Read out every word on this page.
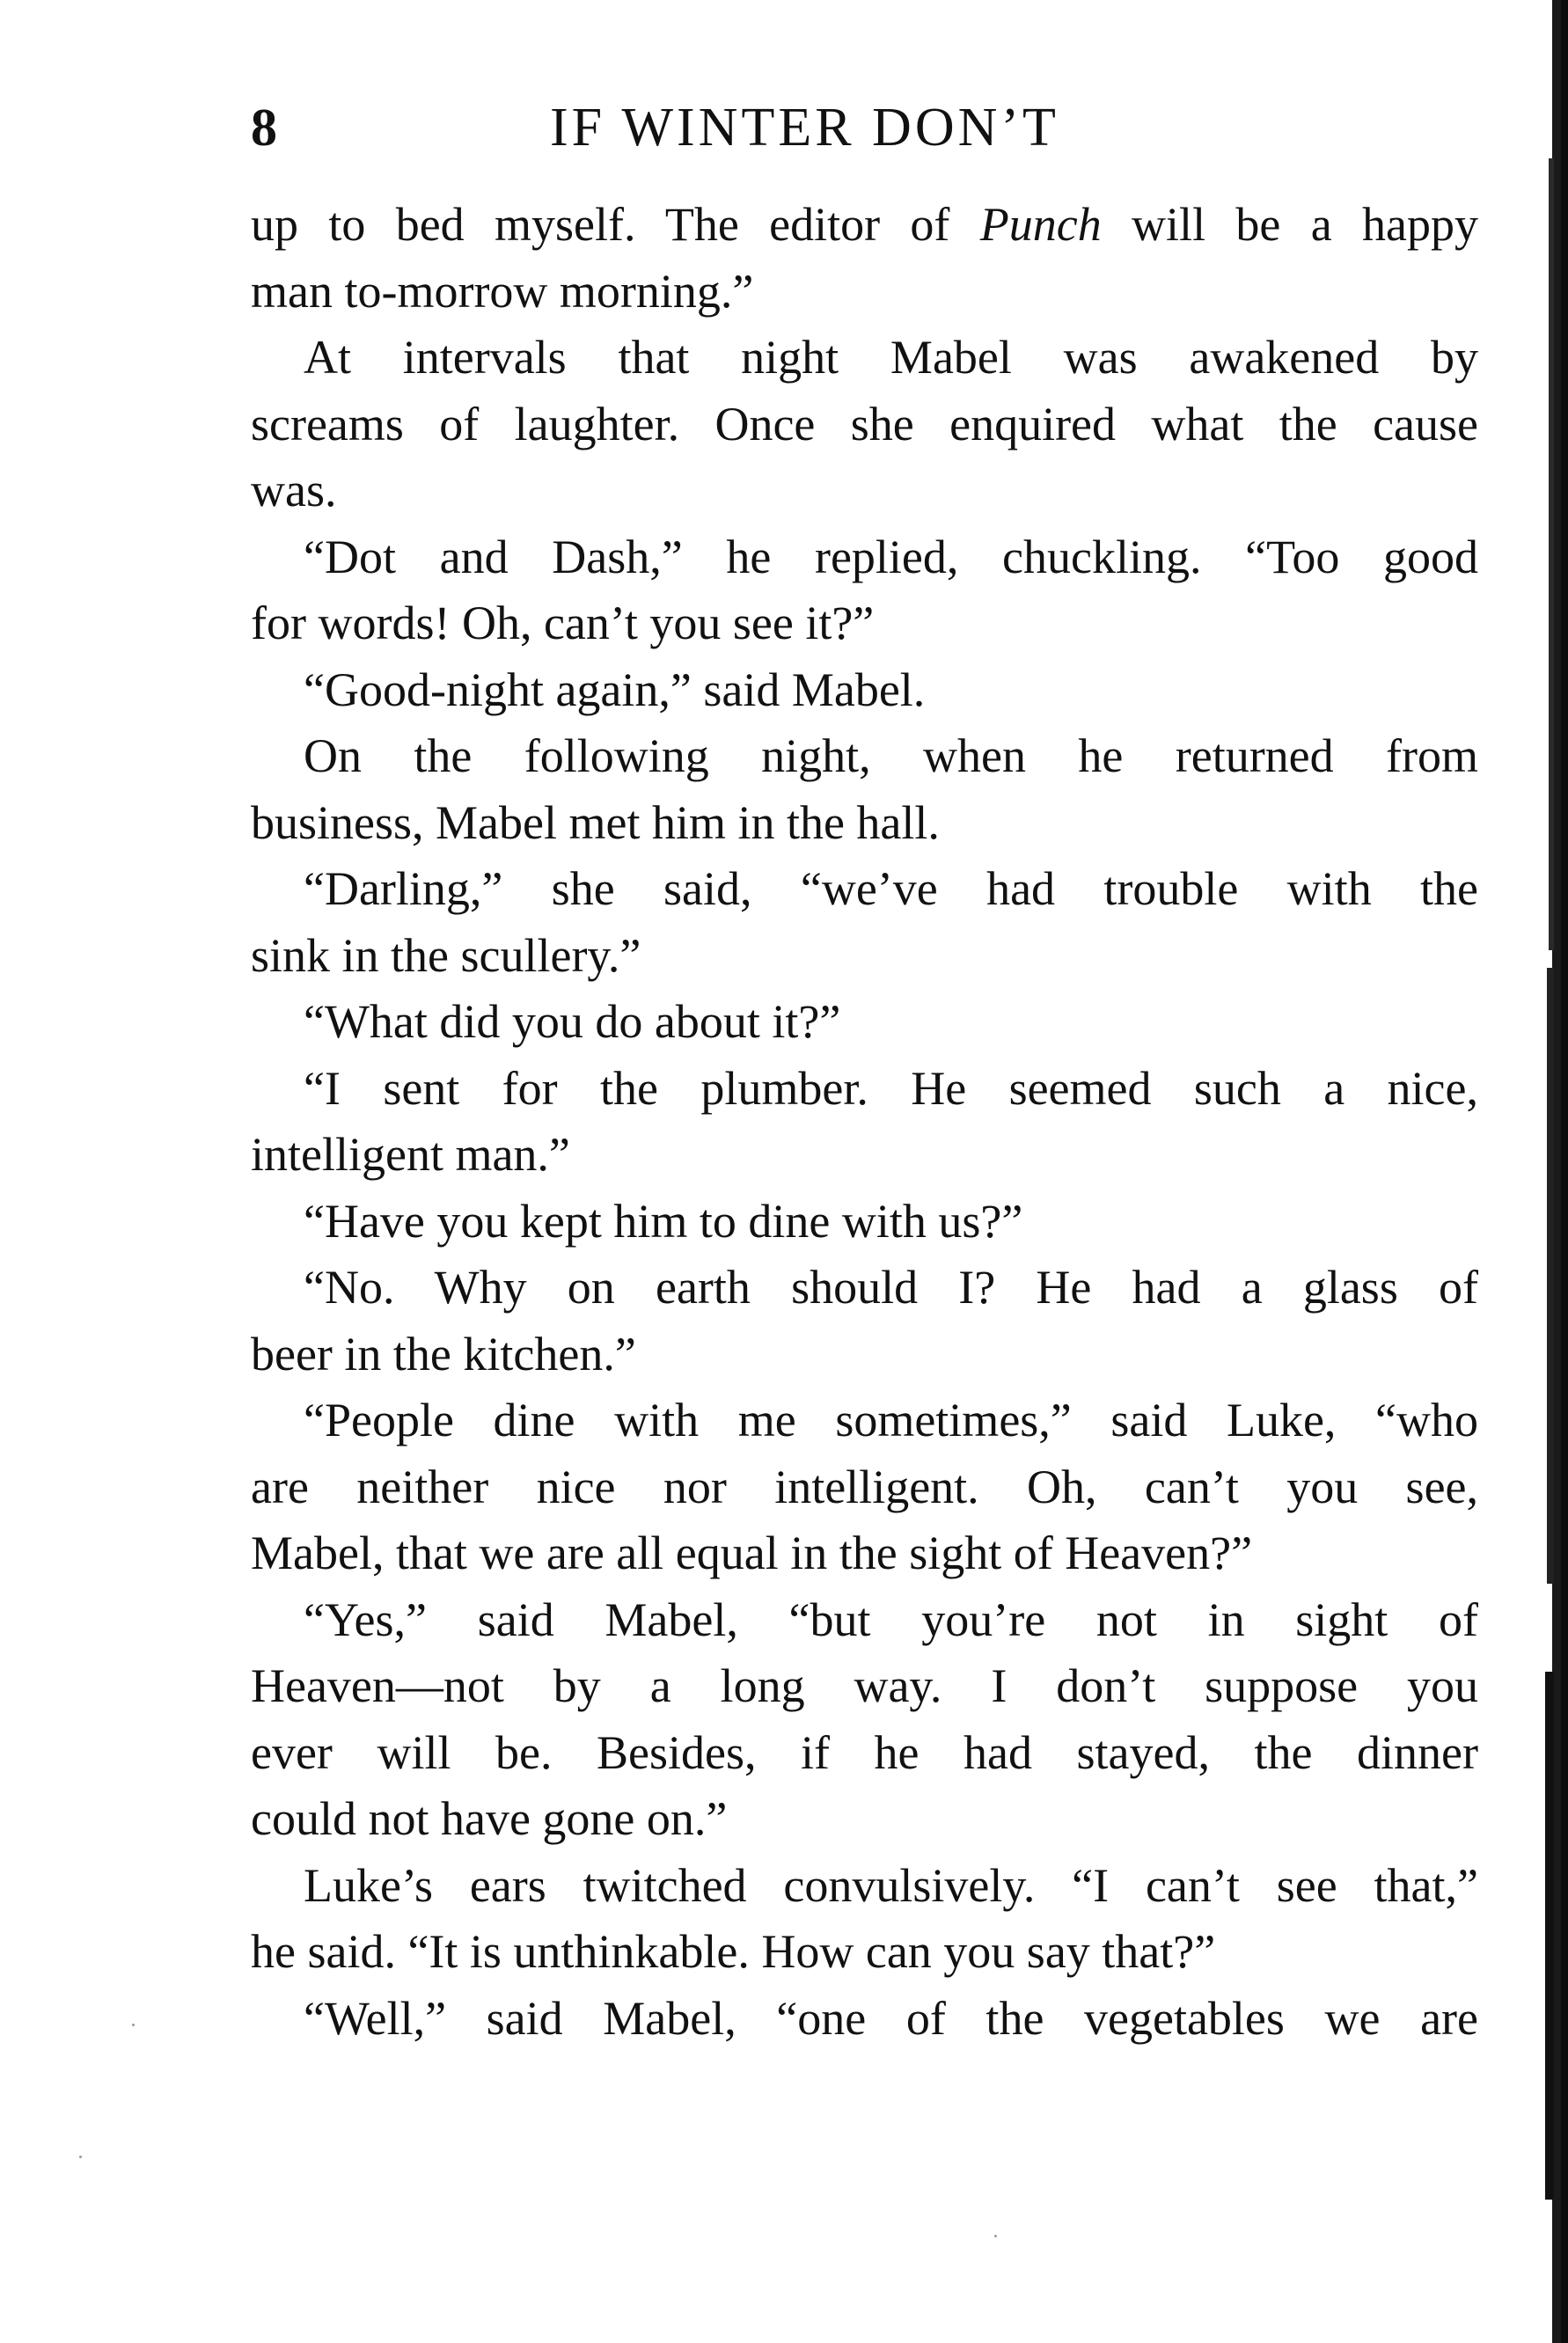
8	IF WINTER DON’T
up to bed myself. The editor of Punch will be a happy
man to-morrow morning.”
At intervals that night Mabel was awakened by
screams of laughter. Once she enquired what the cause
was.
“Dot and Dash,” he replied, chuckling. “Too good
for words! Oh, can’t you see it?”
“Good-night again,” said Mabel.
On the following night, when he returned from
business, Mabel met him in the hall.
“Darling,” she said, “we’ve had trouble with the
sink in the scullery.”
“What did you do about it?”
“I sent for the plumber. He seemed such a nice,
intelligent man.”
“Have you kept him to dine with us?”
“No. Why on earth should I? He had a glass of
beer in the kitchen.”
“People dine with me sometimes,” said Luke, “who
are neither nice nor intelligent. Oh, can’t you see,
Mabel, that we are all equal in the sight of Heaven?”
“Yes,” said Mabel, “but you’re not in sight of
Heaven—not by a long way. I don’t suppose you
ever will be. Besides, if he had stayed, the dinner
could not have gone on.”
Luke’s ears twitched convulsively. “I can’t see that,”
he said. “It is unthinkable. How can you say that?”
“Well,” said Mabel, “one of the vegetables we are
